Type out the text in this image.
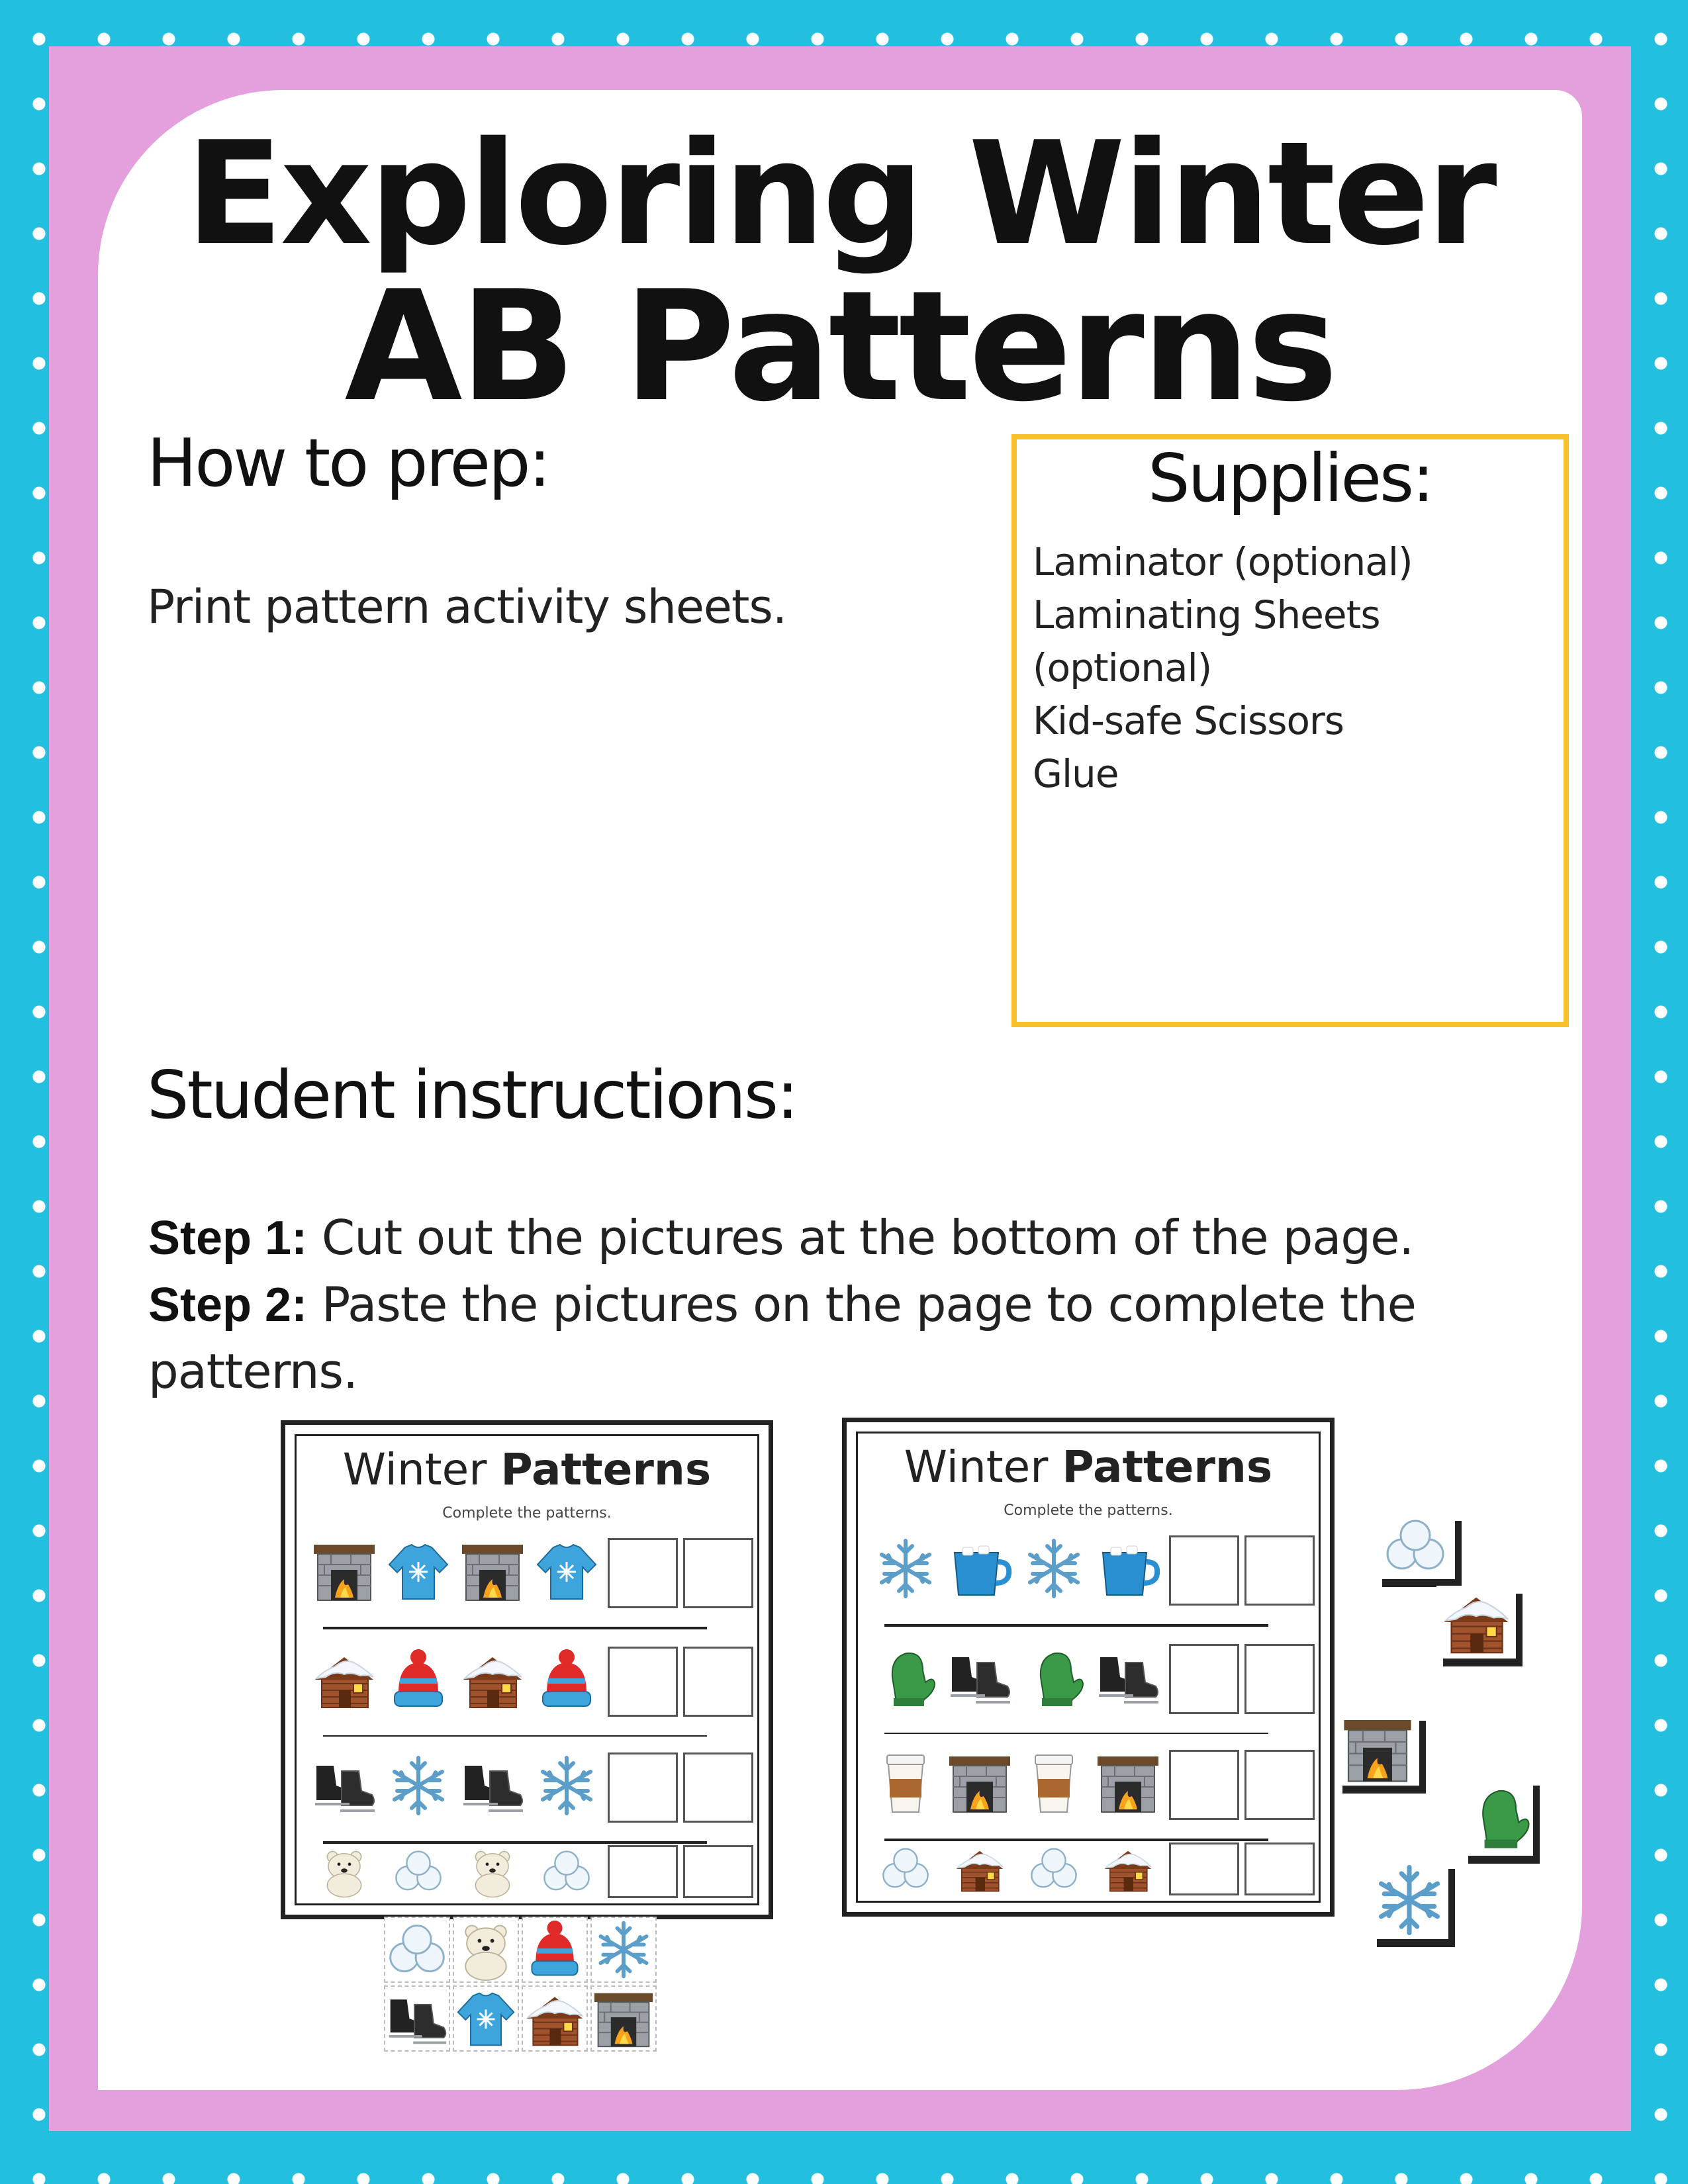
Exploring Winter
AB Patterns
How to prep:
Print pattern activity sheets.
Supplies:
Laminator (optional)
Laminating Sheets (optional)
Kid-safe Scissors
Glue
Student instructions:
Step 1: Cut out the pictures at the bottom of the page.
Step 2: Paste the pictures on the page to complete the patterns.
Winter Patterns
Complete the patterns.
Winter Patterns
Complete the patterns.
